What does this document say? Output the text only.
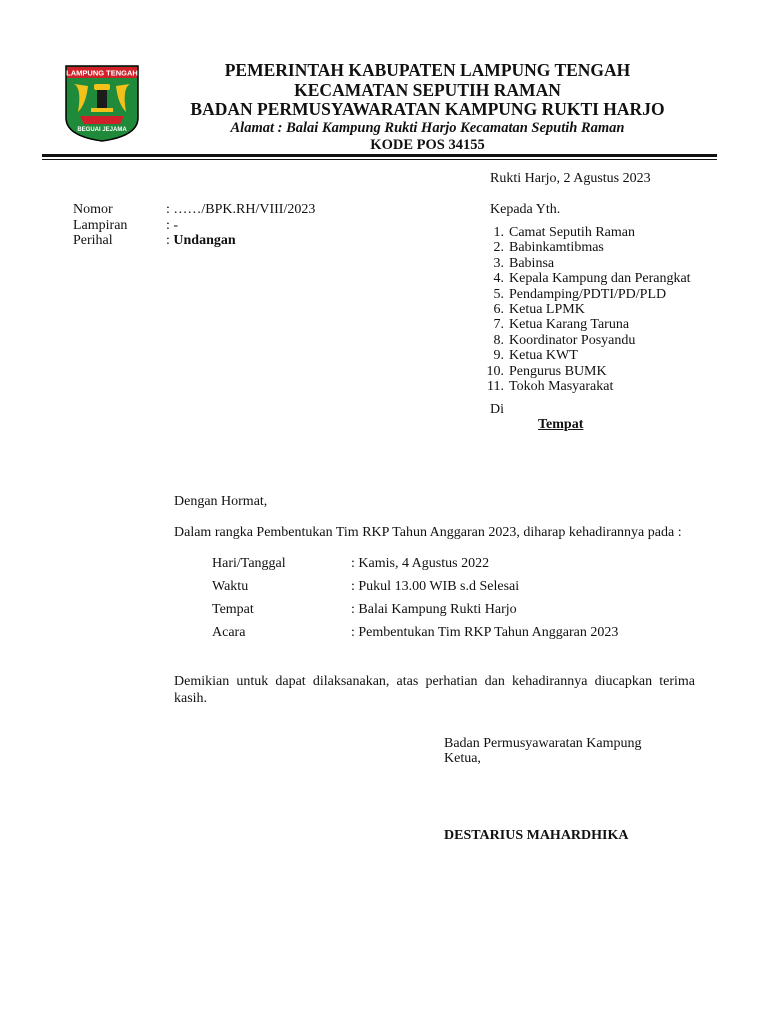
LAMPUNG TENGAH
BEGUAI JEJAMA
PEMERINTAH KABUPATEN LAMPUNG TENGAH
KECAMATAN SEPUTIH RAMAN
BADAN PERMUSYAWARATAN KAMPUNG RUKTI HARJO
Alamat : Balai Kampung Rukti Harjo Kecamatan Seputih Raman
KODE POS 34155
Rukti Harjo, 2 Agustus 2023
Nomor	: ……/BPK.RH/VIII/2023
Lampiran	: -
Perihal	: Undangan
Kepada Yth.
1. Camat Seputih Raman
2. Babinkamtibmas
3. Babinsa
4. Kepala Kampung dan Perangkat
5. Pendamping/PDTI/PD/PLD
6. Ketua LPMK
7. Ketua Karang Taruna
8. Koordinator Posyandu
9. Ketua KWT
10. Pengurus BUMK
11. Tokoh Masyarakat
Di
Tempat
Dengan Hormat,
Dalam rangka Pembentukan Tim RKP Tahun Anggaran 2023, diharap kehadirannya pada :
Hari/Tanggal	: Kamis, 4 Agustus 2022
Waktu	: Pukul 13.00 WIB s.d Selesai
Tempat	: Balai Kampung Rukti Harjo
Acara	: Pembentukan Tim RKP Tahun Anggaran 2023
Demikian untuk dapat dilaksanakan, atas perhatian dan kehadirannya diucapkan terima kasih.
Badan Permusyawaratan Kampung
Ketua,
DESTARIUS MAHARDHIKA
